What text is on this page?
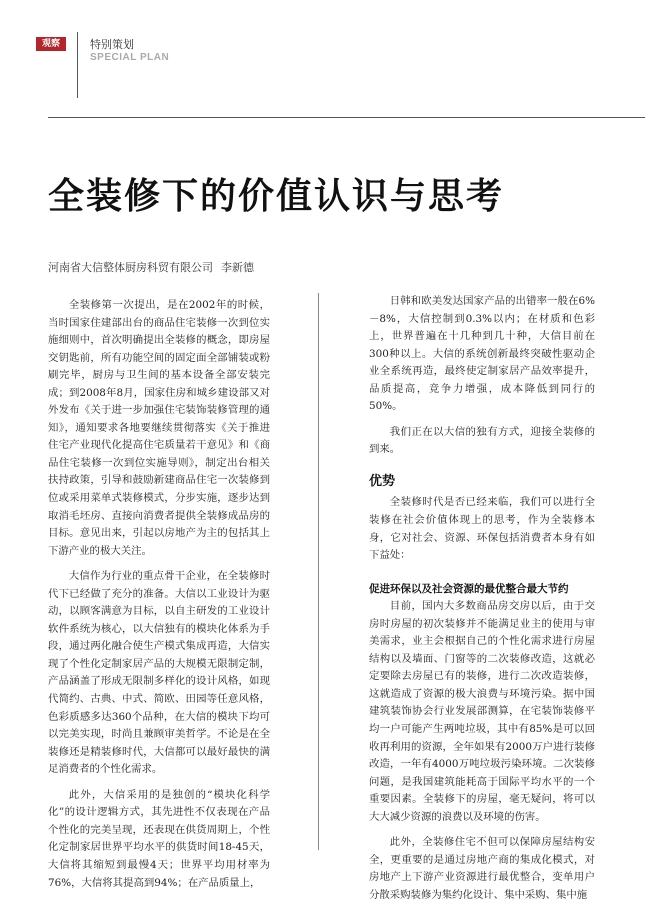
观察	特别策划
SPECIAL PLAN
全装修下的价值认识与思考
河南省大信整体厨房科贸有限公司 李新德

全装修第一次提出，是在2002年的时候，当时国家住建部出台的商品住宅装修一次到位实施细则中，首次明确提出全装修的概念，即房屋交钥匙前，所有功能空间的固定面全部铺装或粉刷完毕，厨房与卫生间的基本设备全部安装完成；到2008年8月，国家住房和城乡建设部又对外发布《关于进一步加强住宅装饰装修管理的通知》，通知要求各地要继续贯彻落实《关于推进住宅产业现代化提高住宅质量若干意见》和《商品住宅装修一次到位实施导则》，制定出台相关扶持政策，引导和鼓励新建商品住宅一次装修到位或采用菜单式装修模式，分步实施，逐步达到取消毛坯房、直接向消费者提供全装修成品房的目标。意见出来，引起以房地产为主的包括其上下游产业的极大关注。

大信作为行业的重点骨干企业，在全装修时代下已经做了充分的准备。大信以工业设计为驱动，以顾客满意为目标，以自主研发的工业设计软件系统为核心，以大信独有的模块化体系为手段，通过两化融合使生产模式集成再造，大信实现了个性化定制家居产品的大规模无限制定制，产品涵盖了形成无限制多样化的设计风格，如现代简约、古典、中式、简欧、田园等任意风格，色彩质感多达360个品种，在大信的模块下均可以完美实现，时尚且兼顾审美哲学。不论是在全装修还是精装修时代，大信都可以最好最快的满足消费者的个性化需求。

此外，大信采用的是独创的“模块化科学化”的设计逻辑方式，其先进性不仅表现在产品个性化的完美呈现，还表现在供货周期上，个性化定制家居世界平均水平的供货时间18-45天，大信将其缩短到最慢4天；世界平均用材率为76%，大信将其提高到94%；在产品质量上，

日韩和欧美发达国家产品的出错率一般在6%－8%，大信控制到0.3%以内；在材质和色彩上，世界普遍在十几种到几十种，大信目前在300种以上。大信的系统创新最终突破性驱动企业全系统再造，最终使定制家居产品效率提升，品质提高，竞争力增强，成本降低到同行的50%。

我们正在以大信的独有方式，迎接全装修的到来。

优势

全装修时代是否已经来临，我们可以进行全装修在社会价值体现上的思考，作为全装修本身，它对社会、资源、环保包括消费者本身有如下益处：

促进环保以及社会资源的最优整合最大节约

目前，国内大多数商品房交房以后，由于交房时房屋的初次装修并不能满足业主的使用与审美需求，业主会根据自己的个性化需求进行房屋结构以及墙面、门窗等的二次装修改造，这就必定要除去房屋已有的装修，进行二次改造装修，这就造成了资源的极大浪费与环境污染。据中国建筑装饰协会行业发展部测算，在宅装饰装修平均一户可能产生两吨垃圾，其中有85%是可以回收再利用的资源，全年如果有2000万户进行装修改造，一年有4000万吨垃圾污染环境。二次装修问题，是我国建筑能耗高于国际平均水平的一个重要因素。全装修下的房屋，毫无疑问，将可以大大减少资源的浪费以及环境的伤害。

此外，全装修住宅不但可以保障房屋结构安全，更重要的是通过房地产商的集成化模式，对房地产上下游产业资源进行最优整合，变单用户分散采购装修为集约化设计、集中采购、集中施
